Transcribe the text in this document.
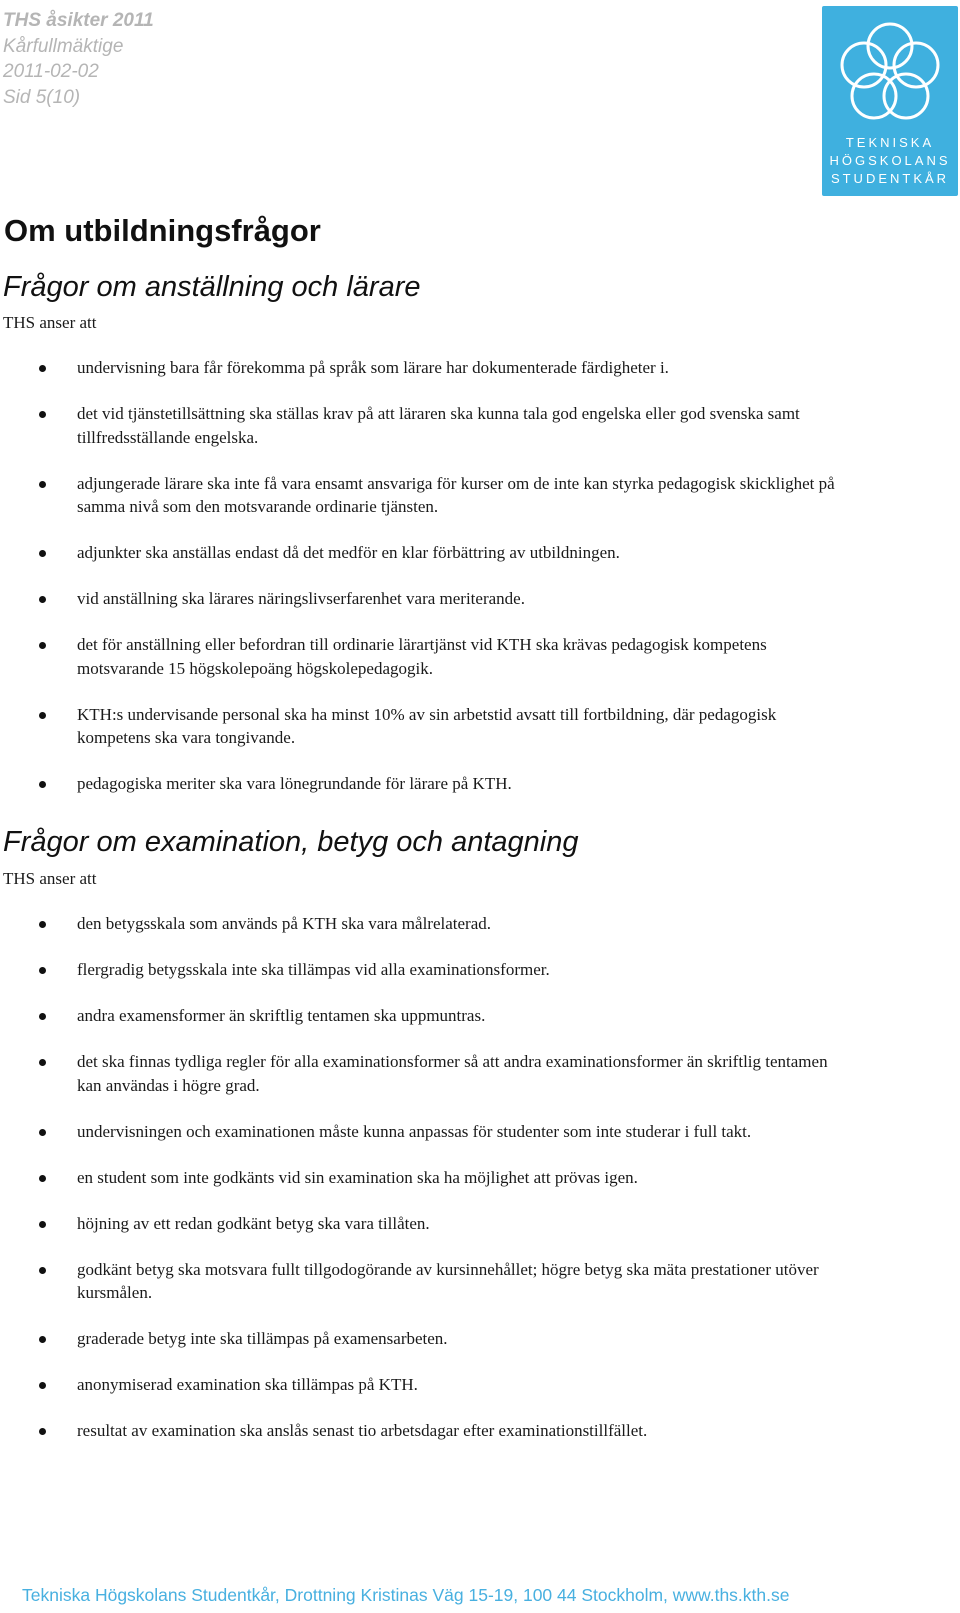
THS åsikter 2011
Kårfullmäktige
2011-02-02
Sid 5(10)
TEKNISKA
HÖGSKOLANS
STUDENTKÅR
Om utbildningsfrågor
Frågor om anställning och lärare
THS anser att
undervisning bara får förekomma på språk som lärare har dokumenterade färdigheter i.
det vid tjänstetillsättning ska ställas krav på att läraren ska kunna tala god engelska eller god svenska samt tillfredsställande engelska.
adjungerade lärare ska inte få vara ensamt ansvariga för kurser om de inte kan styrka pedagogisk skicklighet på samma nivå som den motsvarande ordinarie tjänsten.
adjunkter ska anställas endast då det medför en klar förbättring av utbildningen.
vid anställning ska lärares näringslivserfarenhet vara meriterande.
det för anställning eller befordran till ordinarie lärartjänst vid KTH ska krävas pedagogisk kompetens motsvarande 15 högskolepoäng högskolepedagogik.
KTH:s undervisande personal ska ha minst 10% av sin arbetstid avsatt till fortbildning, där pedagogisk kompetens ska vara tongivande.
pedagogiska meriter ska vara lönegrundande för lärare på KTH.
Frågor om examination, betyg och antagning
THS anser att
den betygsskala som används på KTH ska vara målrelaterad.
flergradig betygsskala inte ska tillämpas vid alla examinationsformer.
andra examensformer än skriftlig tentamen ska uppmuntras.
det ska finnas tydliga regler för alla examinationsformer så att andra examinationsformer än skriftlig tentamen kan användas i högre grad.
undervisningen och examinationen måste kunna anpassas för studenter som inte studerar i full takt.
en student som inte godkänts vid sin examination ska ha möjlighet att prövas igen.
höjning av ett redan godkänt betyg ska vara tillåten.
godkänt betyg ska motsvara fullt tillgodogörande av kursinnehållet; högre betyg ska mäta prestationer utöver kursmålen.
graderade betyg inte ska tillämpas på examensarbeten.
anonymiserad examination ska tillämpas på KTH.
resultat av examination ska anslås senast tio arbetsdagar efter examinationstillfället.
Tekniska Högskolans Studentkår, Drottning Kristinas Väg 15-19, 100 44 Stockholm, www.ths.kth.se
